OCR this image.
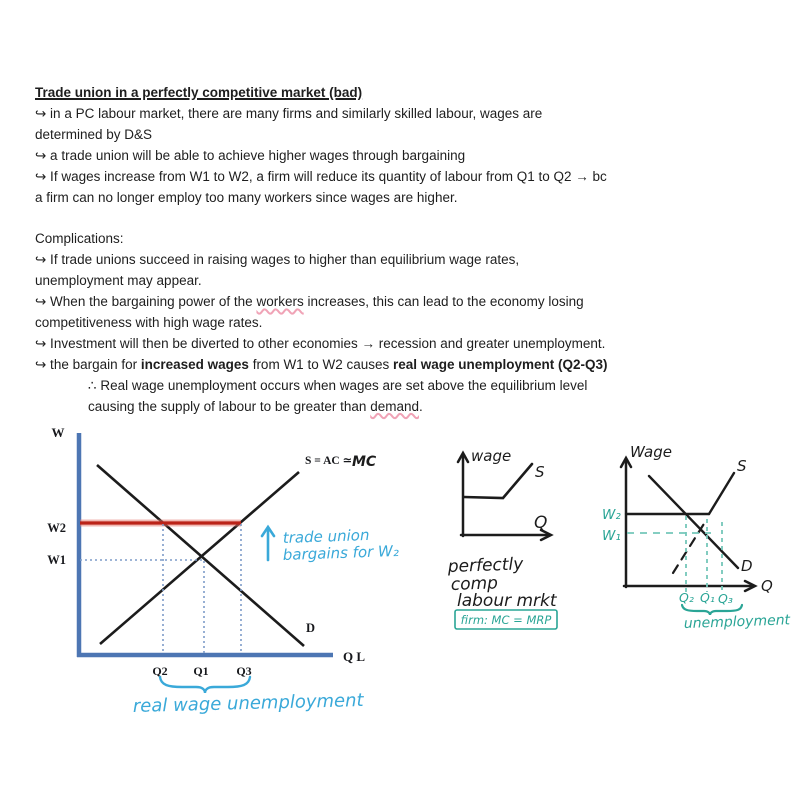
Trade union in a perfectly competitive market (bad)
↪ in a PC labour market, there are many firms and similarly skilled labour, wages are
determined by D&S
↪ a trade union will be able to achieve higher wages through bargaining
↪ If wages increase from W1 to W2, a firm will reduce its quantity of labour from Q1 to Q2 → bc
a firm can no longer employ too many workers since wages are higher.
Complications:
↪ If trade unions succeed in raising wages to higher than equilibrium wage rates,
unemployment may appear.
↪ When the bargaining power of the workers increases, this can lead to the economy losing
competitiveness with high wage rates.
↪ Investment will then be diverted to other economies → recession and greater unemployment.
↪ the bargain for increased wages from W1 to W2 causes real wage unemployment (Q2-Q3)
∴ Real wage unemployment occurs when wages are set above the equilibrium level
causing the supply of labour to be greater than demand.
W
Q L
D
S = AC ≃ MC
W2
W1
Q2 Q1 Q3
trade union
bargains for W₂
real wage unemployment
wage
S
Q
perfectly
comp
labour mrkt
firm: MC = MRP
Wage
Q
D
S
W₂
W₁
Q₂ Q₁ Q₃
unemployment
